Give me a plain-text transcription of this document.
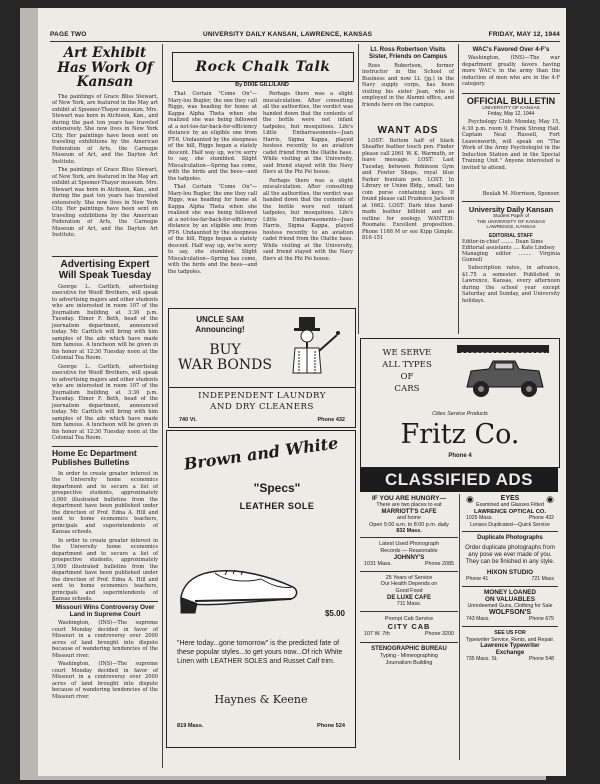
PAGE TWO	UNIVERSITY DAILY KANSAN, LAWRENCE, KANSAS	FRIDAY, MAY 12, 1944
Art Exhibit Has Work Of Kansan

The paintings of Grace Bliss Stewart, of New York, are featured in the May art exhibit at Spooner-Thayer museum. Mrs. Stewart was born in Atchison, Kan., and during the past ten years has traveled extensively. She now lives in New York City. Her paintings have been sent on traveling exhibitions by the American Federation of Arts, the Carnegie Museum of Art, and the Dayton Art Institute.

The paintings of Grace Bliss Stewart, of New York, are featured in the May art exhibit at Spooner-Thayer museum. Mrs. Stewart was born in Atchison, Kan., and during the past ten years has traveled extensively. She now lives in New York City. Her paintings have been sent on traveling exhibitions by the American Federation of Arts, the Carnegie Museum of Art, and the Dayton Art Institute.

Advertising Expert Will Speak Tuesday

George L. Cartlich, advertising executive for Woolf Brothers, will speak to advertising majors and other students who are interested in room 107 of the Journalism building at 3:30 p.m. Tuesday. Elmer F. Beth, head of the journalism department, announced today. Mr. Cartlich will bring with him samples of the ads which have made him famous. A luncheon will be given in his honor at 12:30 Tuesday noon at the Colonial Tea Room.

George L. Cartlich, advertising executive for Woolf Brothers, will speak to advertising majors and other students who are interested in room 107 of the Journalism building at 3:30 p.m. Tuesday. Elmer F. Beth, head of the journalism department, announced today. Mr. Cartlich will bring with him samples of the ads which have made him famous. A luncheon will be given in his honor at 12:30 Tuesday noon at the Colonial Tea Room.

Home Ec Department Publishes Bulletins

In order to create greater interest in the University home economics department and to secure a list of prospective students, approximately 3,000 illustrated bulletins from the department have been published under the direction of Prof. Edna A. Hill and sent to home economics teachers, principals and superintendents of Kansas schools.

In order to create greater interest in the University home economics department and to secure a list of prospective students, approximately 3,000 illustrated bulletins from the department have been published under the direction of Prof. Edna A. Hill and sent to home economics teachers, principals and superintendents of Kansas schools.

Missouri Wins Controversy Over Land in Supreme Court

Washington, (INS)—The supreme court Monday decided in favor of Missouri in a controversy over 2000 acres of land brought into dispute because of wandering tendencies of the Missouri river.

Washington, (INS)—The supreme court Monday decided in favor of Missouri in a controversy over 2000 acres of land brought into dispute because of wandering tendencies of the Missouri river.

Rock Chalk Talk
By DIXIE GILLILAND

That Certain "Come On"—Mary-lou Bugler, the one they call Riggs, was heading for home at Kappa Alpha Theta when she realized she was being followed at a not-too-far-back-for-efficiency distance by an eligible one from PT-6. Undaunted by the steepness of the hill, Riggs began a stately descent. Half way up, we're sorry to say, she stumbled. Slight Miscalculation—Spring has come, with the birds and the bees—and the tadpoles.

That Certain "Come On"—Mary-lou Bugler, the one they call Riggs, was heading for home at Kappa Alpha Theta when she realized she was being followed at a not-too-far-back-for-efficiency distance by an eligible one from PT-6. Undaunted by the steepness of the hill, Riggs began a stately descent. Half way up, we're sorry to say, she stumbled. Slight Miscalculation—Spring has come, with the birds and the bees—and the tadpoles.

Perhaps there was a slight miscalculation. After consulting all the authorities, the verdict was handed down that the contents of the bottle were not infant tadpoles, but mosquitoes. Life's Little Embarrassments—Joan Harris, Sigma Kappa, played hostess recently to an aviation cadet friend from the Olathe base. While visiting at the University, said friend stayed with the Navy fliers at the Phi Psi house.

Perhaps there was a slight miscalculation. After consulting all the authorities, the verdict was handed down that the contents of the bottle were not infant tadpoles, but mosquitoes. Life's Little Embarrassments—Joan Harris, Sigma Kappa, played hostess recently to an aviation cadet friend from the Olathe base. While visiting at the University, said friend stayed with the Navy fliers at the Phi Psi house.

UNCLE SAM
Announcing!
BUY
WAR BONDS
INDEPENDENT LAUNDRY
AND DRY CLEANERS
740 Vt.	Phone 432
Brown and White
"Specs"
LEATHER SOLE
$5.00
"Here today...gone tomorrow" is the predicted fate of these popular styles...to get yours now...Of rich White Linen with LEATHER SOLES and Russet Calf trim.
Haynes & Keene
819 Mass.	Phone 524
Lt. Ross Robertson Visits Sister, Friends on Campus

Ross Robertson, former instructor in the School of Business and now Lt. (jg.) in the Navy supply corps, has been visiting his sister Jean, who is employed in the Alumni office, and friends here on the campus.

WANT ADS

LOST: Bottom half of black Sheaffer feather touch pen. Finder please call 2061 W. K. Warmuth, or leave message. LOST: Last Tuesday, between Robinson Gym and Fowler Shops, royal blue Parker fountain pen. LOST: In Library or Union Bldg., small, tan coin purse containing keys. If found please call Prudence Jackson at 1662. LOST: Dark blue hand-made leather billfold and an outline for zoology. WANTED: Roomate. Excellent proposition. Phone 1168 M or see Kipp Gimple. 816-151

WAC's Favored Over 4-F's

Washington, (INS)—The war department greatly favors having more WAC's in the army than the induction of men who are in the 4-F category.

OFFICIAL BULLETIN
UNIVERSITY OF KANSAS
Friday, May 12, 1944

Psychology Club: Monday, May 15, 4:30 p.m. room 9, Frank Strong Hall. Captain Neal Russell, Fort Leavenworth, will speak on "The Work of the Army Psychologist in the Induction Station and in the Special Training Unit." Anyone interested is invited to attend.

Beulah M. Morrison, Sponsor.
University Daily Kansan
Student Paper of
THE UNIVERSITY OF KANSAS
LAWRENCE, KANSAS
EDITORIAL STAFF
Editor-in-chief ........ Dean Sims
Editorial assistants .... Kate Lindsey
Managing editor ........ Virginia Gunnell

Subscription rates, in advance, $1.75 a semester. Published in Lawrence, Kansas, every afternoon during the school year except Saturday and Sunday, and University holidays.

WE SERVE
ALL TYPES
OF
CARS
Cities Service Products
Fritz Co.
Phone 4
CLASSIFIED ADS
IF YOU ARE HUNGRY—
There are two places to eat
MARRIOTT'S CAFE
and home
Open 5:00 a.m. to 8:00 p.m. daily
832 Mass.
Latest Used Phonograph
Records — Reasonable
JOHNNY'S
1031 Mass.	Phone 2085
25 Years of Service
Our Health Depends on
Good Food
DE LUXE CAFE
711 Mass.
Prompt Cab Service
CITY CAB
107 W. 7th	Phone 3200
STENOGRAPHIC BUREAU
Typing - Mimeographing
Journalism Building
◉	EYES	◉
Examined and Glasses Fitted
LAWRENCE OPTICAL CO.
1025 Mass.	Phone 432
Lenses Duplicated—Quick Service
Duplicate Photographs
Order duplicate photographs from any pose we ever made of you. They can be finished in any style.
HIXON STUDIO
Phone 41	721 Mass
MONEY LOANED
ON VALUABLES
Unredeemed Guns, Clothing for Sale
WOLFSON'S
743 Mass.	Phone 675
SEE US FOR
Typewriter Service, Rents, and Repair.
Lawrence Typewriter
Exchange
735 Mass. St.	Phone 548
